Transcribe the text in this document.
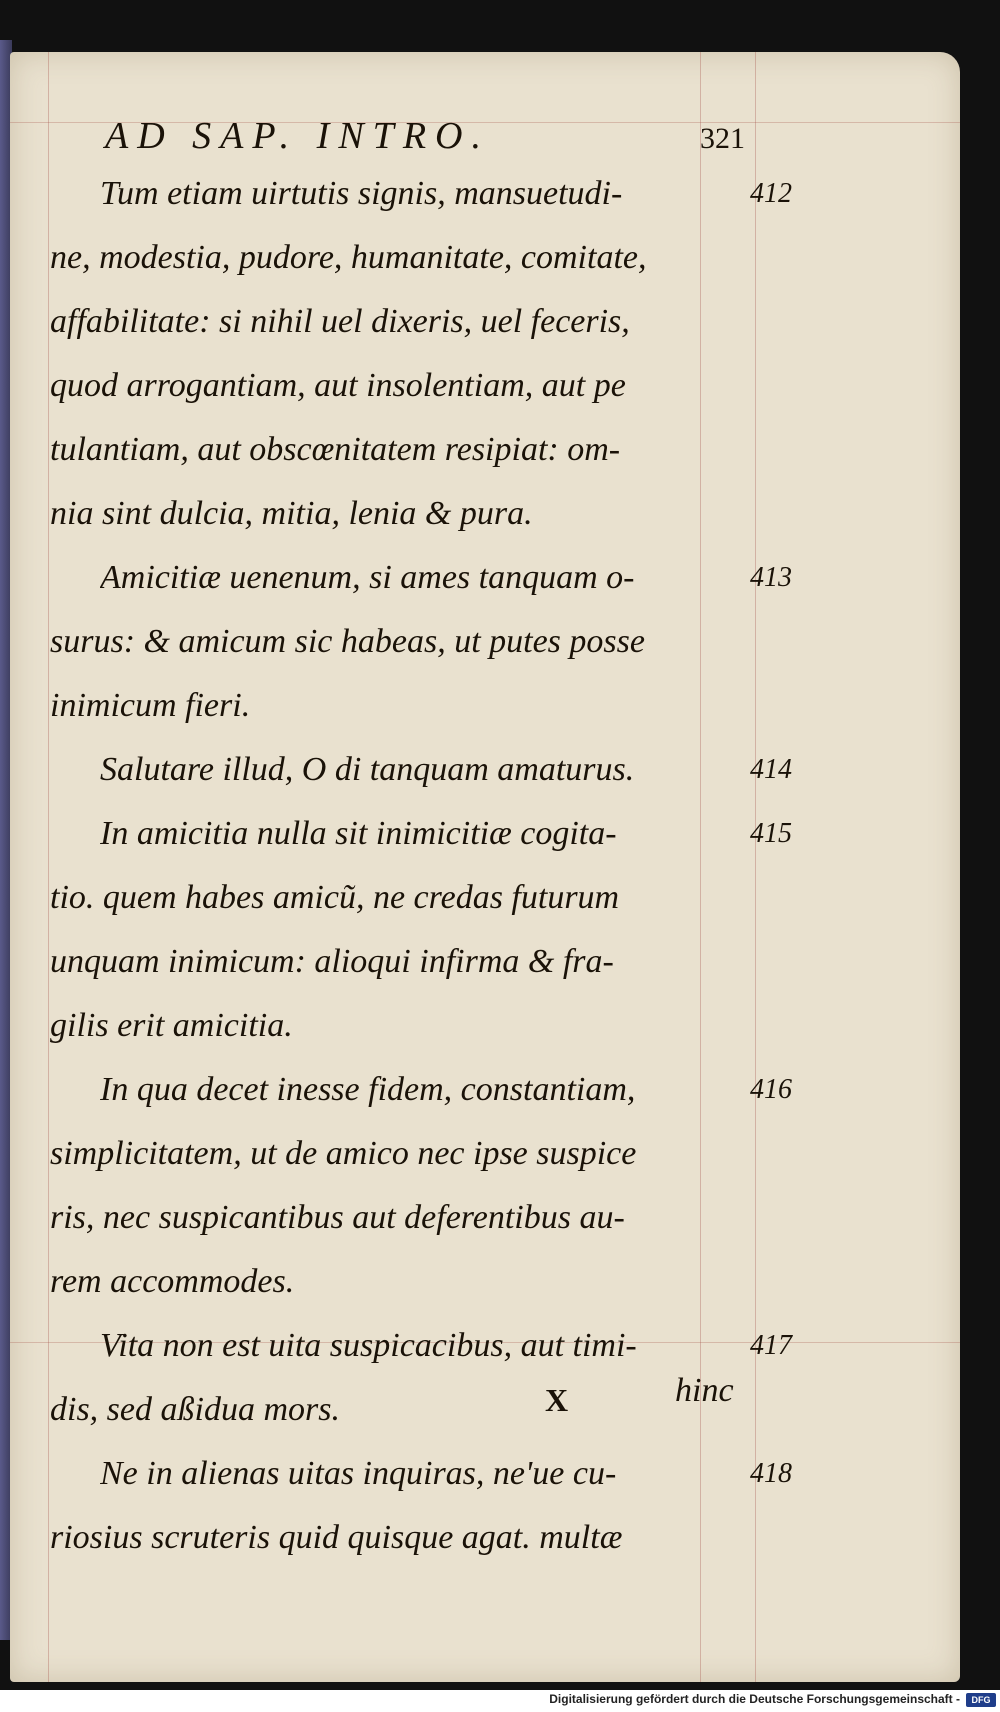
AD SAP. INTRO.	321
Tum etiam uirtutis signis, mansuetudi-	412
ne, modestia, pudore, humanitate, comitate,
affabilitate: si nihil uel dixeris, uel feceris,
quod arrogantiam, aut insolentiam, aut pe
tulantiam, aut obscœnitatem resipiat: om-
nia sint dulcia, mitia, lenia & pura.
Amicitiæ uenenum, si ames tanquam o-	413
surus: & amicum sic habeas, ut putes posse
inimicum fieri.
Salutare illud, O di tanquam amaturus.	414
In amicitia nulla sit inimicitiæ cogita-	415
tio. quem habes amicũ, ne credas futurum
unquam inimicum: alioqui infirma & fra-
gilis erit amicitia.
In qua decet inesse fidem, constantiam,	416
simplicitatem, ut de amico nec ipse suspice
ris, nec suspicantibus aut deferentibus au-
rem accommodes.
Vita non est uita suspicacibus, aut timi-	417
dis, sed aßidua mors.
Ne in alienas uitas inquiras, ne'ue cu-	418
riosius scruteris quid quisque agat. multæ
X	hinc
Digitalisierung gefördert durch die Deutsche Forschungsgemeinschaft -	DFG
